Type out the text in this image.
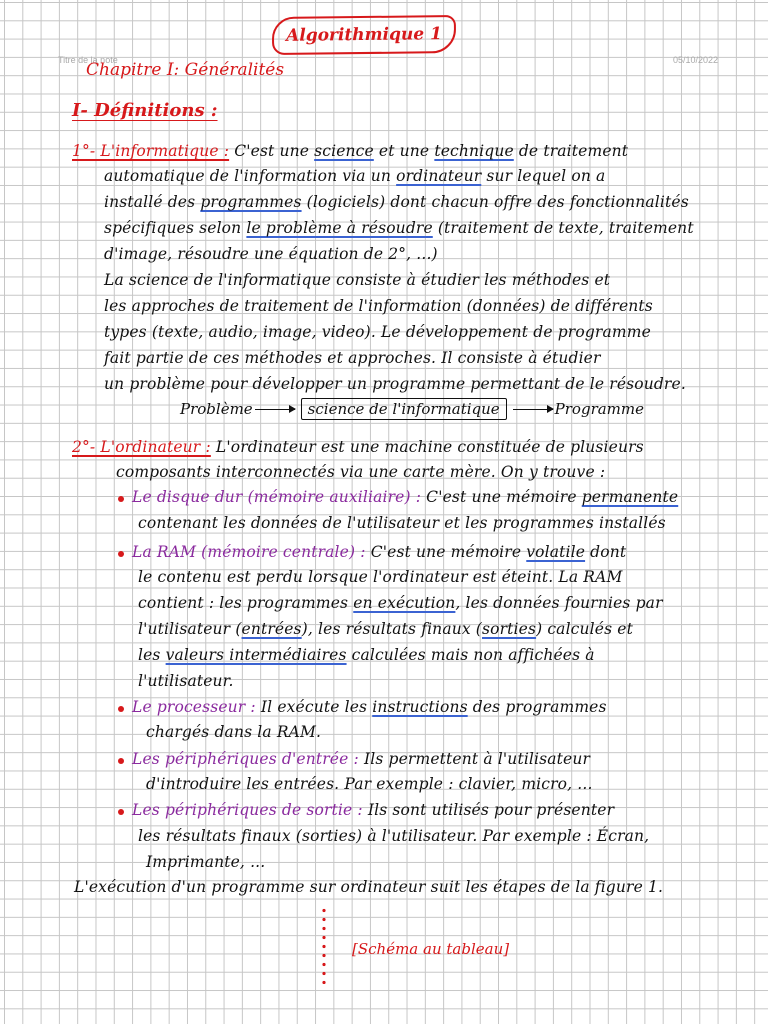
Titre de la note	05/10/2022
Algorithmique 1
Chapitre I: Généralités
I- Définitions :
1°- L'informatique : C'est une science et une technique de traitement
automatique de l'information via un ordinateur sur lequel on a
installé des programmes (logiciels) dont chacun offre des fonctionnalités
spécifiques selon le problème à résoudre (traitement de texte, traitement
d'image, résoudre une équation de 2°, ...)
La science de l'informatique consiste à étudier les méthodes et
les approches de traitement de l'information (données) de différents
types (texte, audio, image, video). Le développement de programme
fait partie de ces méthodes et approches. Il consiste à étudier
un problème pour développer un programme permettant de le résoudre.
Problème	science de l'informatique	Programme
2°- L'ordinateur : L'ordinateur est une machine constituée de plusieurs
composants interconnectés via une carte mère. On y trouve :
Le disque dur (mémoire auxiliaire) : C'est une mémoire permanente
contenant les données de l'utilisateur et les programmes installés
La RAM (mémoire centrale) : C'est une mémoire volatile dont
le contenu est perdu lorsque l'ordinateur est éteint. La RAM
contient : les programmes en exécution, les données fournies par
l'utilisateur (entrées), les résultats finaux (sorties) calculés et
les valeurs intermédiaires calculées mais non affichées à
l'utilisateur.
Le processeur : Il exécute les instructions des programmes
chargés dans la RAM.
Les périphériques d'entrée : Ils permettent à l'utilisateur
d'introduire les entrées. Par exemple : clavier, micro, ...
Les périphériques de sortie : Ils sont utilisés pour présenter
les résultats finaux (sorties) à l'utilisateur. Par exemple : Écran,
Imprimante, ...
L'exécution d'un programme sur ordinateur suit les étapes de la figure 1.
[Schéma au tableau]
